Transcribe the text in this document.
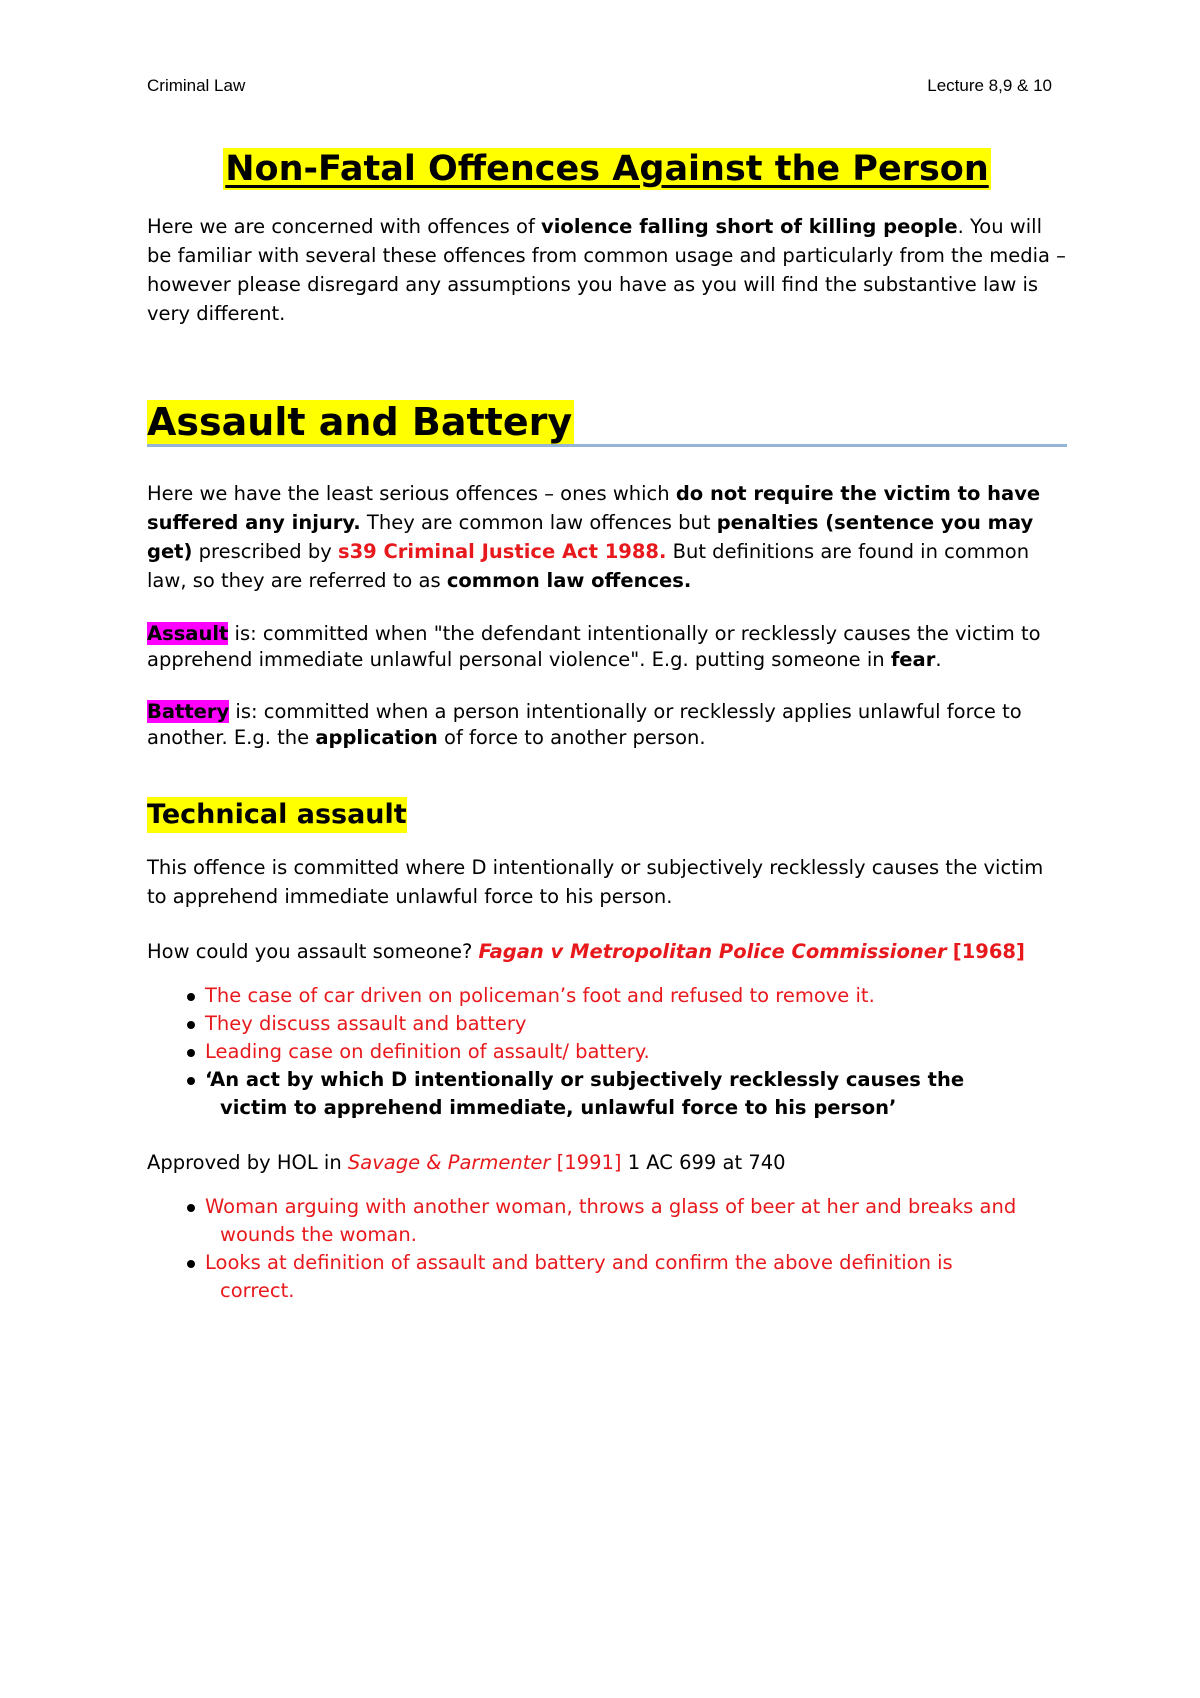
Criminal Law	Lecture 8,9 & 10
Non-Fatal Offences Against the Person

Here we are concerned with offences of violence falling short of killing people. You will be familiar with several these offences from common usage and particularly from the media – however please disregard any assumptions you have as you will find the substantive law is very different.

Assault and Battery

Here we have the least serious offences – ones which do not require the victim to have suffered any injury. They are common law offences but penalties (sentence you may get) prescribed by s39 Criminal Justice Act 1988. But definitions are found in common law, so they are referred to as common law offences.

Assault is: committed when "the defendant intentionally or recklessly causes the victim to apprehend immediate unlawful personal violence". E.g. putting someone in fear.

Battery is: committed when a person intentionally or recklessly applies unlawful force to another. E.g. the application of force to another person.

Technical assault

This offence is committed where D intentionally or subjectively recklessly causes the victim to apprehend immediate unlawful force to his person.

How could you assault someone? Fagan v Metropolitan Police Commissioner [1968]

The case of car driven on policeman’s foot and refused to remove it.
They discuss assault and battery
Leading case on definition of assault/ battery.
‘An act by which D intentionally or subjectively recklessly causes the
victim to apprehend immediate, unlawful force to his person’

Approved by HOL in Savage & Parmenter [1991] 1 AC 699 at 740

Woman arguing with another woman, throws a glass of beer at her and breaks and
wounds the woman.
Looks at definition of assault and battery and confirm the above definition is
correct.
